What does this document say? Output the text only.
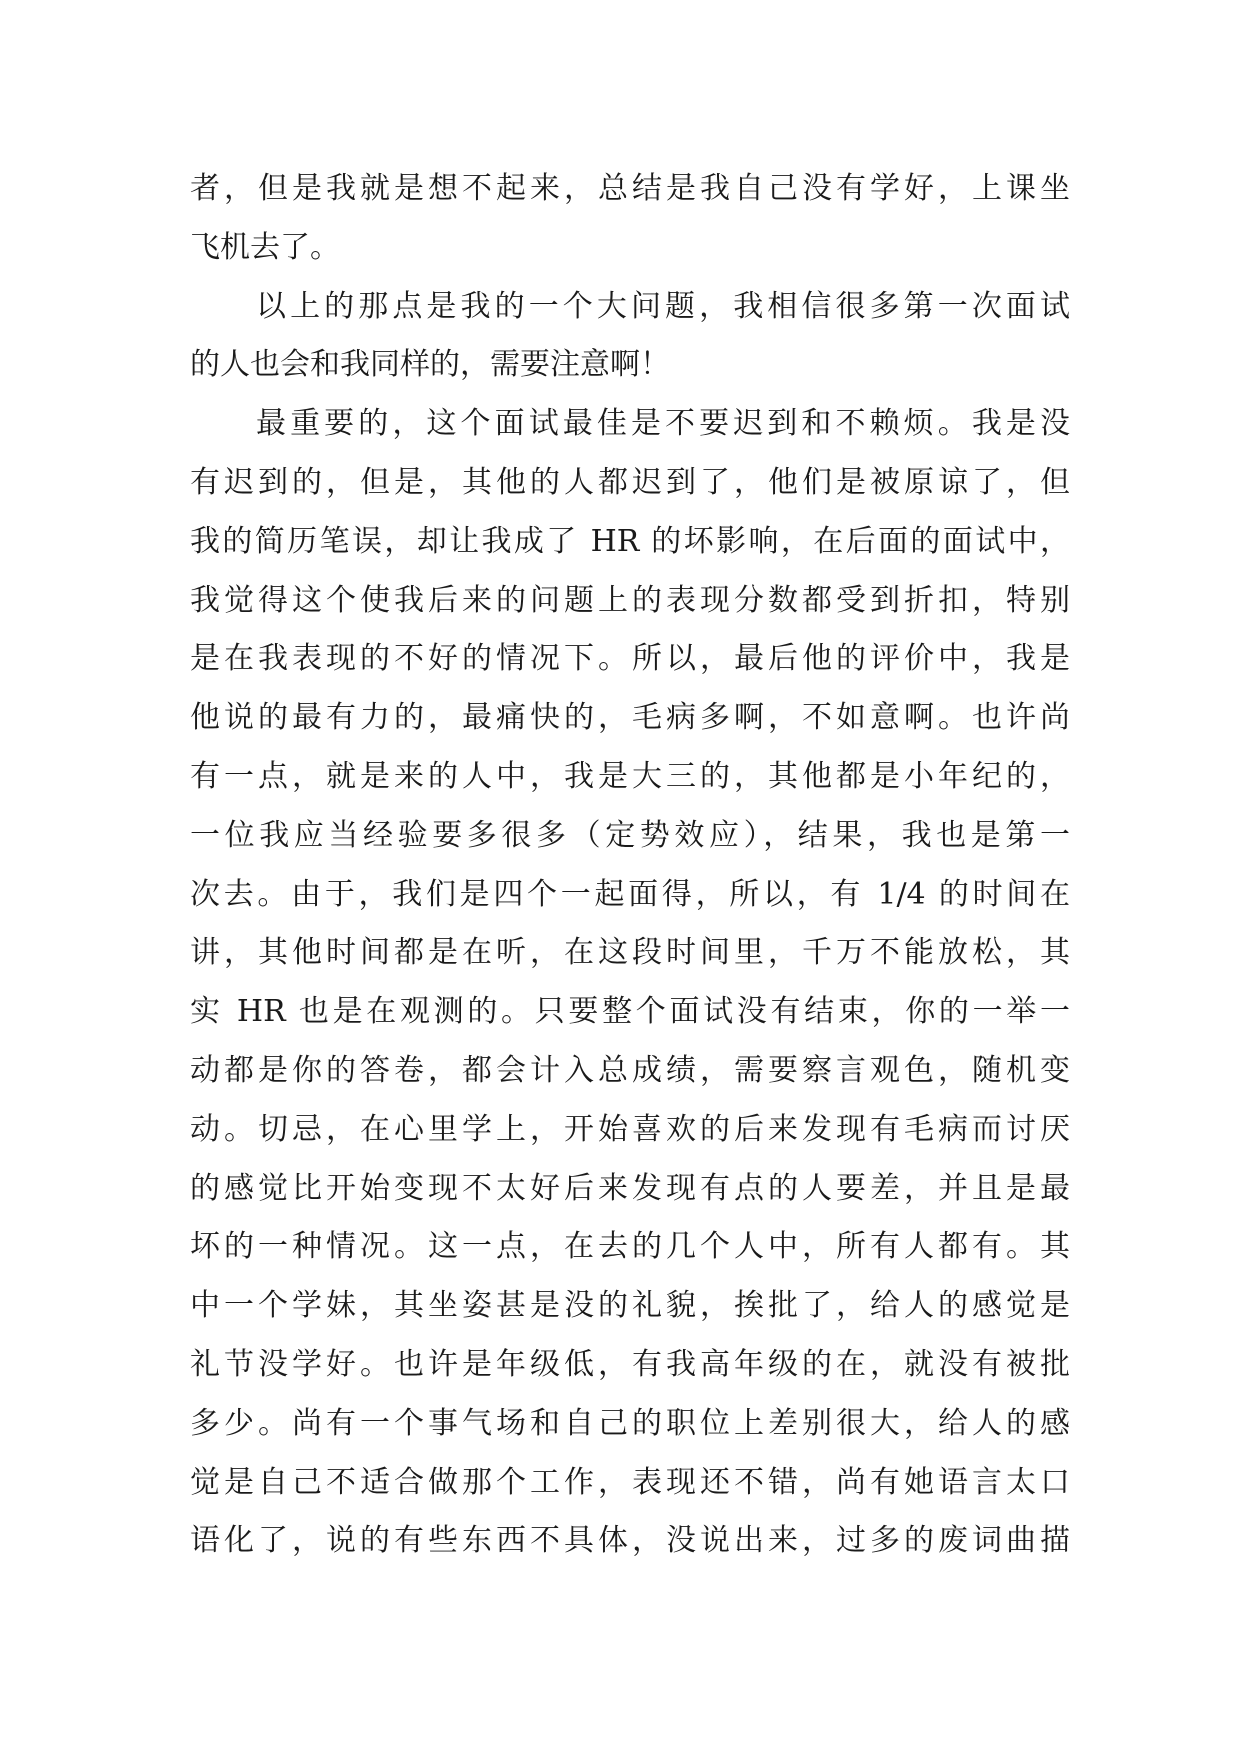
者，但是我就是想不起来，总结是我自己没有学好，上课坐
飞机去了。
以上的那点是我的一个大问题，我相信很多第一次面试
的人也会和我同样的，需要注意啊！
最重要的，这个面试最佳是不要迟到和不赖烦。我是没
有迟到的，但是，其他的人都迟到了，他们是被原谅了，但
我的简历笔误，却让我成了 HR 的坏影响，在后面的面试中，
我觉得这个使我后来的问题上的表现分数都受到折扣，特别
是在我表现的不好的情况下。所以，最后他的评价中，我是
他说的最有力的，最痛快的，毛病多啊，不如意啊。也许尚
有一点，就是来的人中，我是大三的，其他都是小年纪的，
一位我应当经验要多很多（定势效应），结果，我也是第一
次去。由于，我们是四个一起面得，所以，有 1/4 的时间在
讲，其他时间都是在听，在这段时间里，千万不能放松，其
实 HR 也是在观测的。只要整个面试没有结束，你的一举一
动都是你的答卷，都会计入总成绩，需要察言观色，随机变
动。切忌，在心里学上，开始喜欢的后来发现有毛病而讨厌
的感觉比开始变现不太好后来发现有点的人要差，并且是最
坏的一种情况。这一点，在去的几个人中，所有人都有。其
中一个学妹，其坐姿甚是没的礼貌，挨批了，给人的感觉是
礼节没学好。也许是年级低，有我高年级的在，就没有被批
多少。尚有一个事气场和自己的职位上差别很大，给人的感
觉是自己不适合做那个工作，表现还不错，尚有她语言太口
语化了，说的有些东西不具体，没说出来，过多的废词曲描
